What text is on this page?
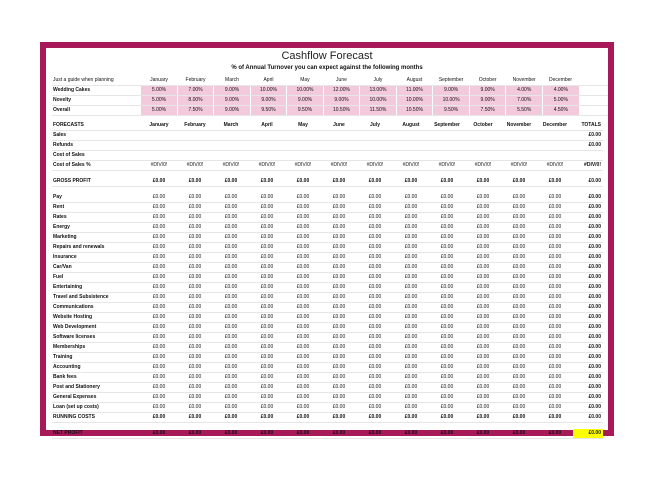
Cashflow Forecast
% of Annual Turnover you can expect against the following months
Just a guide when planning	January	February	March	April	May	June	July	August	September	October	November	December	
Wedding Cakes	5.00%	7.00%	9.00%	10.00%	10.00%	12.00%	13.00%	11.00%	9.00%	9.00%	4.00%	4.00%	
Novelty	5.00%	8.00%	9.00%	9.00%	9.00%	9.00%	10.00%	10.00%	10.00%	9.00%	7.00%	5.00%	
Overall	5.00%	7.50%	9.00%	9.50%	9.50%	10.50%	11.50%	10.50%	9.50%	7.50%	5.50%	4.50%	
FORECASTS	January	February	March	April	May	June	July	August	September	October	November	December	TOTALS
Sales													£0.00
Refunds													£0.00
Cost of Sales													
Cost of Sales %	#DIV/0!	#DIV/0!	#DIV/0!	#DIV/0!	#DIV/0!	#DIV/0!	#DIV/0!	#DIV/0!	#DIV/0!	#DIV/0!	#DIV/0!	#DIV/0!	#DIV/0!

GROSS PROFIT	£0.00	£0.00	£0.00	£0.00	£0.00	£0.00	£0.00	£0.00	£0.00	£0.00	£0.00	£0.00	£0.00

Pay	£0.00	£0.00	£0.00	£0.00	£0.00	£0.00	£0.00	£0.00	£0.00	£0.00	£0.00	£0.00	£0.00
Rent	£0.00	£0.00	£0.00	£0.00	£0.00	£0.00	£0.00	£0.00	£0.00	£0.00	£0.00	£0.00	£0.00
Rates	£0.00	£0.00	£0.00	£0.00	£0.00	£0.00	£0.00	£0.00	£0.00	£0.00	£0.00	£0.00	£0.00
Energy	£0.00	£0.00	£0.00	£0.00	£0.00	£0.00	£0.00	£0.00	£0.00	£0.00	£0.00	£0.00	£0.00
Marketing	£0.00	£0.00	£0.00	£0.00	£0.00	£0.00	£0.00	£0.00	£0.00	£0.00	£0.00	£0.00	£0.00
Repairs and renewals	£0.00	£0.00	£0.00	£0.00	£0.00	£0.00	£0.00	£0.00	£0.00	£0.00	£0.00	£0.00	£0.00
Insurance	£0.00	£0.00	£0.00	£0.00	£0.00	£0.00	£0.00	£0.00	£0.00	£0.00	£0.00	£0.00	£0.00
Car/Van	£0.00	£0.00	£0.00	£0.00	£0.00	£0.00	£0.00	£0.00	£0.00	£0.00	£0.00	£0.00	£0.00
Fuel	£0.00	£0.00	£0.00	£0.00	£0.00	£0.00	£0.00	£0.00	£0.00	£0.00	£0.00	£0.00	£0.00
Entertaining	£0.00	£0.00	£0.00	£0.00	£0.00	£0.00	£0.00	£0.00	£0.00	£0.00	£0.00	£0.00	£0.00
Travel and Subsistence	£0.00	£0.00	£0.00	£0.00	£0.00	£0.00	£0.00	£0.00	£0.00	£0.00	£0.00	£0.00	£0.00
Communications	£0.00	£0.00	£0.00	£0.00	£0.00	£0.00	£0.00	£0.00	£0.00	£0.00	£0.00	£0.00	£0.00
Website Hosting	£0.00	£0.00	£0.00	£0.00	£0.00	£0.00	£0.00	£0.00	£0.00	£0.00	£0.00	£0.00	£0.00
Web Development	£0.00	£0.00	£0.00	£0.00	£0.00	£0.00	£0.00	£0.00	£0.00	£0.00	£0.00	£0.00	£0.00
Software licenses	£0.00	£0.00	£0.00	£0.00	£0.00	£0.00	£0.00	£0.00	£0.00	£0.00	£0.00	£0.00	£0.00
Memberships	£0.00	£0.00	£0.00	£0.00	£0.00	£0.00	£0.00	£0.00	£0.00	£0.00	£0.00	£0.00	£0.00
Training	£0.00	£0.00	£0.00	£0.00	£0.00	£0.00	£0.00	£0.00	£0.00	£0.00	£0.00	£0.00	£0.00
Accounting	£0.00	£0.00	£0.00	£0.00	£0.00	£0.00	£0.00	£0.00	£0.00	£0.00	£0.00	£0.00	£0.00
Bank fees	£0.00	£0.00	£0.00	£0.00	£0.00	£0.00	£0.00	£0.00	£0.00	£0.00	£0.00	£0.00	£0.00
Post and Stationery	£0.00	£0.00	£0.00	£0.00	£0.00	£0.00	£0.00	£0.00	£0.00	£0.00	£0.00	£0.00	£0.00
General Expenses	£0.00	£0.00	£0.00	£0.00	£0.00	£0.00	£0.00	£0.00	£0.00	£0.00	£0.00	£0.00	£0.00
Loan (set up costs)	£0.00	£0.00	£0.00	£0.00	£0.00	£0.00	£0.00	£0.00	£0.00	£0.00	£0.00	£0.00	£0.00
RUNNING COSTS	£0.00	£0.00	£0.00	£0.00	£0.00	£0.00	£0.00	£0.00	£0.00	£0.00	£0.00	£0.00	£0.00

NET PROFIT	£0.00	£0.00	£0.00	£0.00	£0.00	£0.00	£0.00	£0.00	£0.00	£0.00	£0.00	£0.00	£0.00
